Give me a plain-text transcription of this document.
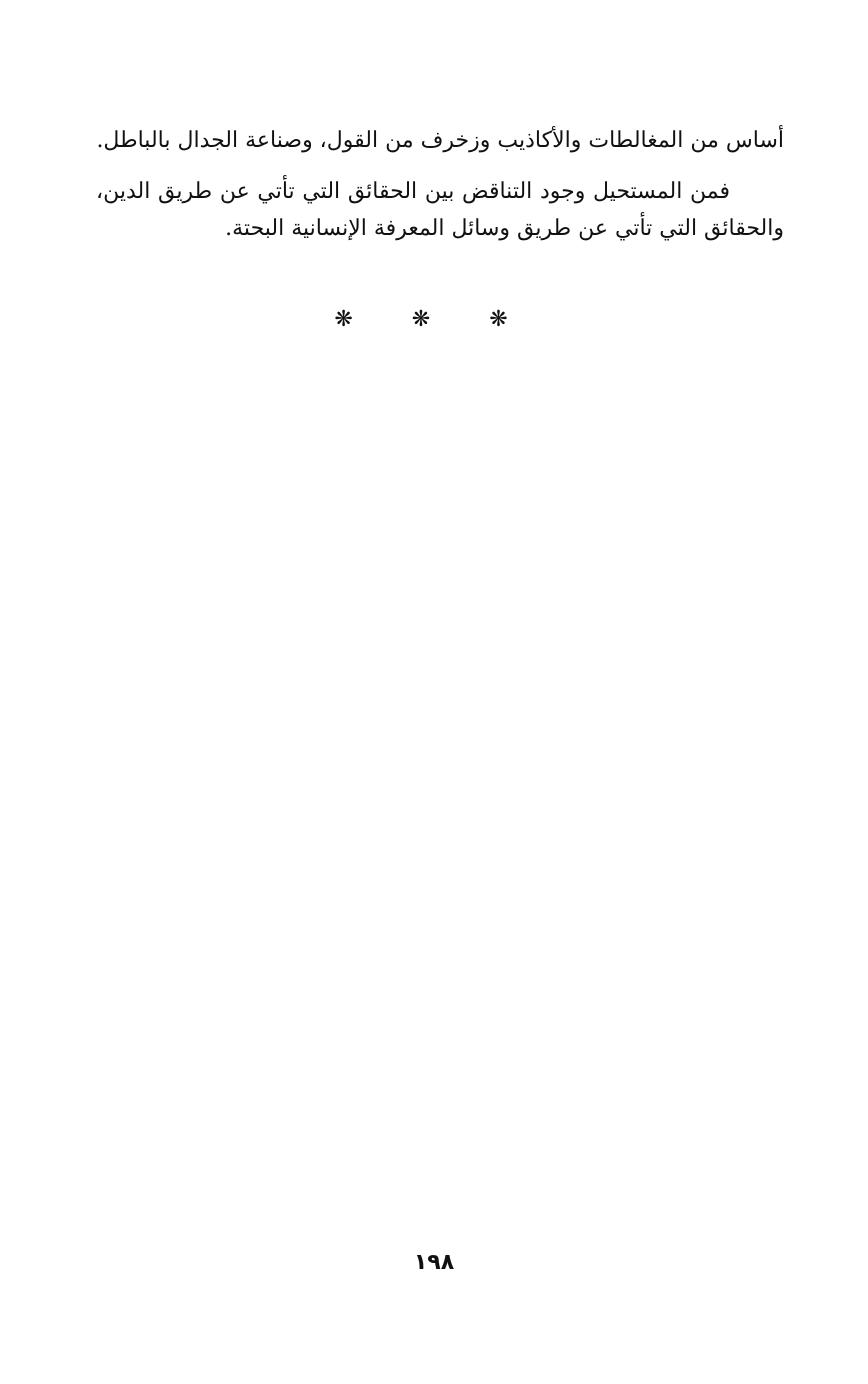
أساس من المغالطات والأكاذيب وزخرف من القول، وصناعة الجدال بالباطل.

فمن المستحيل وجود التناقض بين الحقائق التي تأتي عن طريق الدين، والحقائق التي تأتي عن طريق وسائل المعرفة الإنسانية البحتة.

❋ ❋ ❋
١٩٨
